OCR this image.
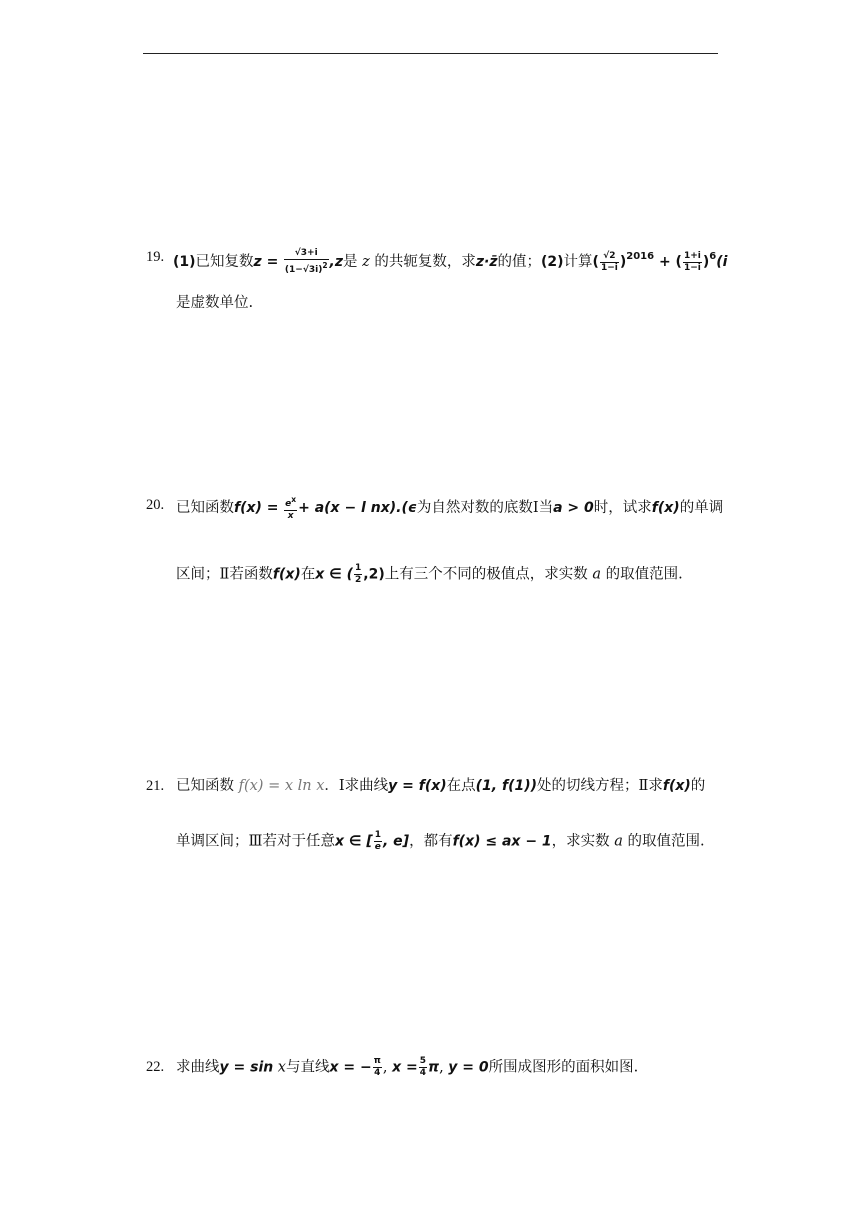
19. (1)已知复数$z = \frac{√3+i}{(1-√3i)^2} ,z$是 z 的共轭复数，求z·z̄的值；(2)计算( $\frac{√2}{1-i} )^{2016}$ + ( $\frac{1+i}{1-i} )^6(i$
是虚数单位.
20. 已知函数$f(x) = \frac{e^x}{x} + a(x - l$ nx).(ϵ为自然对数的底数Ⅰ当a > 0时，试求f(x)的单调
区间；Ⅱ若函数f(x)在x ∈ ( $\frac{1}{2} ,2$)上有三个不同的极值点，求实数 a 的取值范围.
21. 已知函数 f(x) = x ln x．Ⅰ求曲线y = f(x)在点(1, f(1))处的切线方程；Ⅱ求f(x)的
单调区间；Ⅲ若对于任意x ∈ [ $\frac{1}{e}$ , e]，都有f(x) ≤ ax − 1，求实数 a 的取值范围.
22. 求曲线y = sin x与直线x = − $\frac{\pi}{4}$ , $x = \frac{5}{4} \pi$, y = 0所围成图形的面积如图.
